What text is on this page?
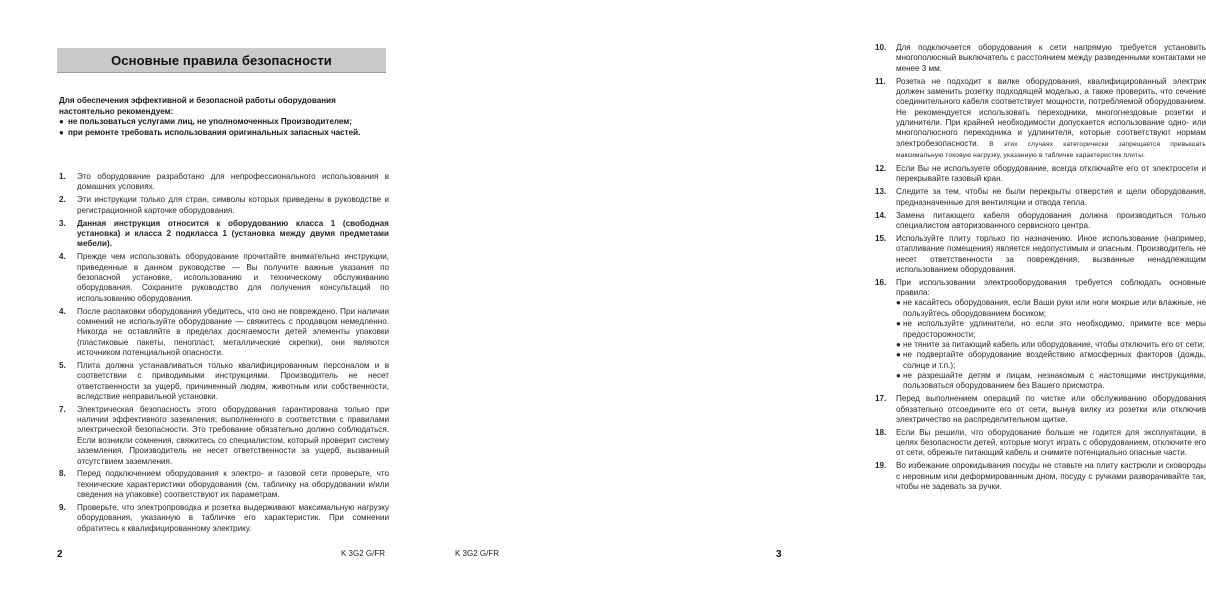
Основные правила безопасности
Для обеспечения эффективной и безопасной работы оборудования настоятельно рекомендуем:
● не пользоваться услугами лиц, не уполномоченных Производителем;
● при ремонте требовать использования оригинальных запасных частей.
1.	Это оборудование разработано для непрофессионального использования в домашних условиях.
2.	Эти инструкции только для стран, символы которых приведены в руководстве и регистрационной карточке оборудования.
3.	Данная инструкция относится к оборудованию класса 1 (свободная установка) и класса 2 подкласса 1 (установка между двумя предметами мебели).
4.	Прежде чем использовать оборудование прочитайте внимательно инструкции, приведенные в данном руководстве — Вы получите важные указания по безопасной установке, использованию и техническому обслуживанию оборудования. Сохраните руководство для получения консультаций по использованию оборудования.
4.	После распаковки оборудования убедитесь, что оно не повреждено. При наличии сомнений не используйте оборудование — свяжитесь с продавцом немедленно. Никогда не оставляйте в пределах досягаемости детей элементы упаковки (пластиковые пакеты, пенопласт, металлические скрепки), они являются источником потенциальной опасности.
5.	Плита должна устанавливаться только квалифицированным персоналом и в соответствии с приводимыми инструкциями. Производитель не несет ответственности за ущерб, причиненный людям, животным или собственности, вследствие неправильной установки.
7.	Электрическая безопасность этого оборудования гарантирована только при наличии эффективного заземления; выполненного в соответствии с правилами электрической безопасности. Это требование обязательно должно соблюдаться. Если возникли сомнения, свяжитесь со специалистом, который проверит систему заземления. Производитель не несет ответственности за ущерб, вызванный отсутствием заземления.
8.	Перед подключением оборудования к электро- и газовой сети проверьте, что технические характеристики оборудования (см. табличку на оборудовании и/или сведения на упаковке) соответствуют их параметрам.
9.	Проверьте, что электропроводка и розетка выдерживают максимальную нагрузку оборудования, указанную в табличке его характеристик. При сомнении обратитесь к квалифицированному электрику.
2	K 3G2 G/FR
10.	Для подключается оборудования к сети напрямую требуется установить многополюсный выключатель с расстоянием между разведенными контактами не менее 3 мм.
11.	Розетка не подходит к вилке оборудования, квалифицированный электрик должен заменить розетку подходящей моделью, а также проверить, что сечение соединительного кабеля соответствует мощности, потребляемой оборудованием. Не рекомендуется использовать переходники, многогнездовые розетки и удлинители. При крайней необходимости допускается использование одно- или многополюсного переходника и удлинителя, которые соответствуют нормам электробезопасности. В этих случаях категорически запрещается превышать максимальную токовую нагрузку, указанную в табличке характеристик плиты.
12.	Если Вы не используете оборудование, всегда отключайте его от электросети и перекрывайте газовый кран.
13.	Следите за тем, чтобы не были перекрыты отверстия и щели оборудования, предназначенные для вентиляции и отвода тепла.
14.	Замена питающего кабеля оборудования должна производиться только специалистом авторизованного сервисного центра.
15.	Используйте плиту торлько по назначению. Иное использование (например, отапливание помещения) является недопустимым и опасным. Производитель не несет ответственности за повреждения, вызванные ненадлежащим использованием оборудования.
16.	При использовании электрооборудования требуется соблюдать основные правила:
● не касайтесь оборудования, если Ваши руки или ноги мокрые или влажные, не пользуйтесь оборудованием босиком;
● не используйте удлинители, но если это необходимо, примите все меры предосторожности;
● не тяните за питающий кабель или оборудование, чтобы отключить его от сети;
● не подвергайте оборудование воздействию атмосферных факторов (дождь, солнце и т.п.);
● не разрешайте детям и лицам, незнакомым с настоящими инструкциями, пользоваться оборудованием без Вашего присмотра.
17.	Перед выполнением операций по чистке или обслуживанию оборудования обязательно отсоедините его от сети, вынув вилку из розетки или отключив электричество на распределительном щитке.
18.	Если Вы решили, что оборудование больше не годится для эксплуатации, в целях безопасности детей, которые могут играть с оборудованием, отключите его от сети, обрежьте питающий кабель и снимите потенциально опасные части.
19.	Во избежание опрокидывания посуды не ставьте на плиту кастрюли и сковороды с неровным или деформированным дном, посуду с ручками разворачивайте так, чтобы не задевать за ручки.
K 3G2 G/FR	3
